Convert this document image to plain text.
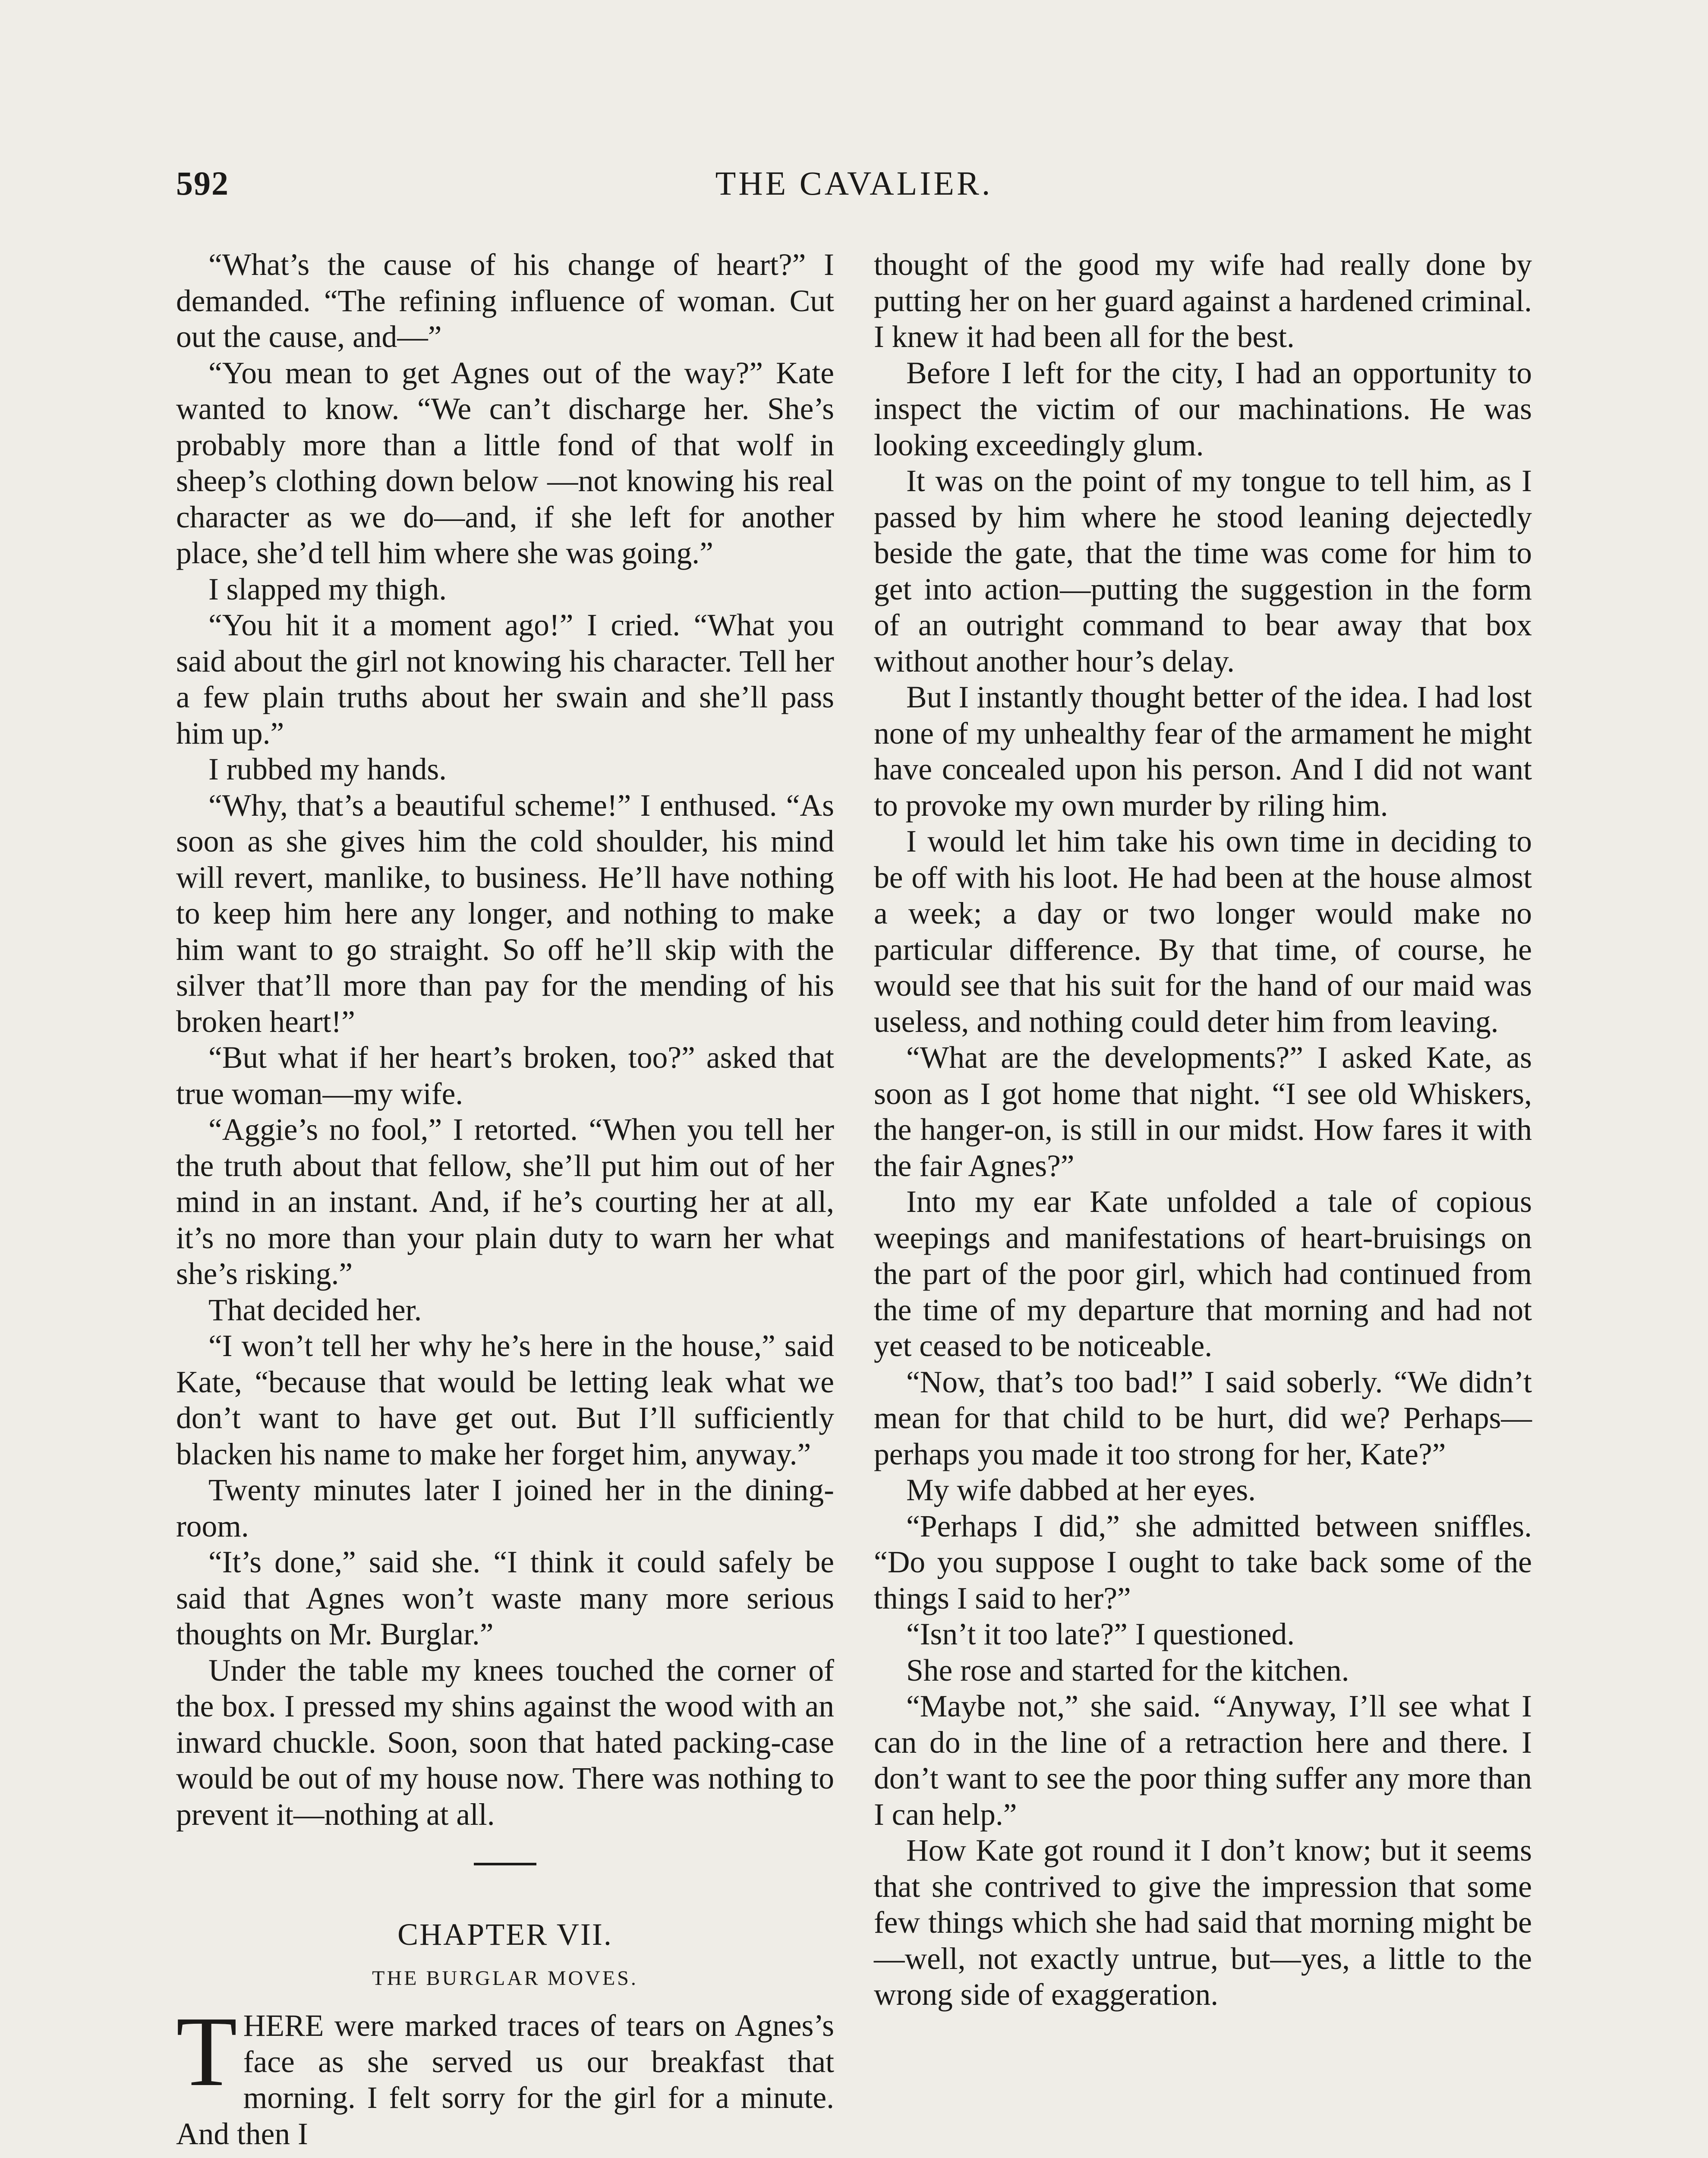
592	THE CAVALIER.

“What’s the cause of his change of heart?” I demanded. “The refining influence of woman. Cut out the cause, and—”

“You mean to get Agnes out of the way?” Kate wanted to know. “We can’t discharge her. She’s probably more than a little fond of that wolf in sheep’s clothing down below —not knowing his real character as we do—and, if she left for another place, she’d tell him where she was going.”

I slapped my thigh.

“You hit it a moment ago!” I cried. “What you said about the girl not knowing his character. Tell her a few plain truths about her swain and she’ll pass him up.”

I rubbed my hands.

“Why, that’s a beautiful scheme!” I enthused. “As soon as she gives him the cold shoulder, his mind will revert, manlike, to business. He’ll have nothing to keep him here any longer, and nothing to make him want to go straight. So off he’ll skip with the silver that’ll more than pay for the mending of his broken heart!”

“But what if her heart’s broken, too?” asked that true woman—my wife.

“Aggie’s no fool,” I retorted. “When you tell her the truth about that fellow, she’ll put him out of her mind in an instant. And, if he’s courting her at all, it’s no more than your plain duty to warn her what she’s risking.”

That decided her.

“I won’t tell her why he’s here in the house,” said Kate, “because that would be letting leak what we don’t want to have get out. But I’ll sufficiently blacken his name to make her forget him, anyway.”

Twenty minutes later I joined her in the dining-room.

“It’s done,” said she. “I think it could safely be said that Agnes won’t waste many more serious thoughts on Mr. Burglar.”

Under the table my knees touched the corner of the box. I pressed my shins against the wood with an inward chuckle. Soon, soon that hated packing-case would be out of my house now. There was nothing to prevent it—nothing at all.

CHAPTER VII.
THE BURGLAR MOVES.

THERE were marked traces of tears on Agnes’s face as she served us our breakfast that morning. I felt sorry for the girl for a minute. And then I

thought of the good my wife had really done by putting her on her guard against a hardened criminal. I knew it had been all for the best.

Before I left for the city, I had an opportunity to inspect the victim of our machinations. He was looking exceedingly glum.

It was on the point of my tongue to tell him, as I passed by him where he stood leaning dejectedly beside the gate, that the time was come for him to get into action—putting the suggestion in the form of an outright command to bear away that box without another hour’s delay.

But I instantly thought better of the idea. I had lost none of my unhealthy fear of the armament he might have concealed upon his person. And I did not want to provoke my own murder by riling him.

I would let him take his own time in deciding to be off with his loot. He had been at the house almost a week; a day or two longer would make no particular difference. By that time, of course, he would see that his suit for the hand of our maid was useless, and nothing could deter him from leaving.

“What are the developments?” I asked Kate, as soon as I got home that night. “I see old Whiskers, the hanger-on, is still in our midst. How fares it with the fair Agnes?”

Into my ear Kate unfolded a tale of copious weepings and manifestations of heart-bruisings on the part of the poor girl, which had continued from the time of my departure that morning and had not yet ceased to be noticeable.

“Now, that’s too bad!” I said soberly. “We didn’t mean for that child to be hurt, did we? Perhaps—perhaps you made it too strong for her, Kate?”

My wife dabbed at her eyes.

“Perhaps I did,” she admitted between sniffles. “Do you suppose I ought to take back some of the things I said to her?”

“Isn’t it too late?” I questioned.

She rose and started for the kitchen.

“Maybe not,” she said. “Anyway, I’ll see what I can do in the line of a retraction here and there. I don’t want to see the poor thing suffer any more than I can help.”

How Kate got round it I don’t know; but it seems that she contrived to give the impression that some few things which she had said that morning might be—well, not exactly untrue, but—yes, a little to the wrong side of exaggeration.
